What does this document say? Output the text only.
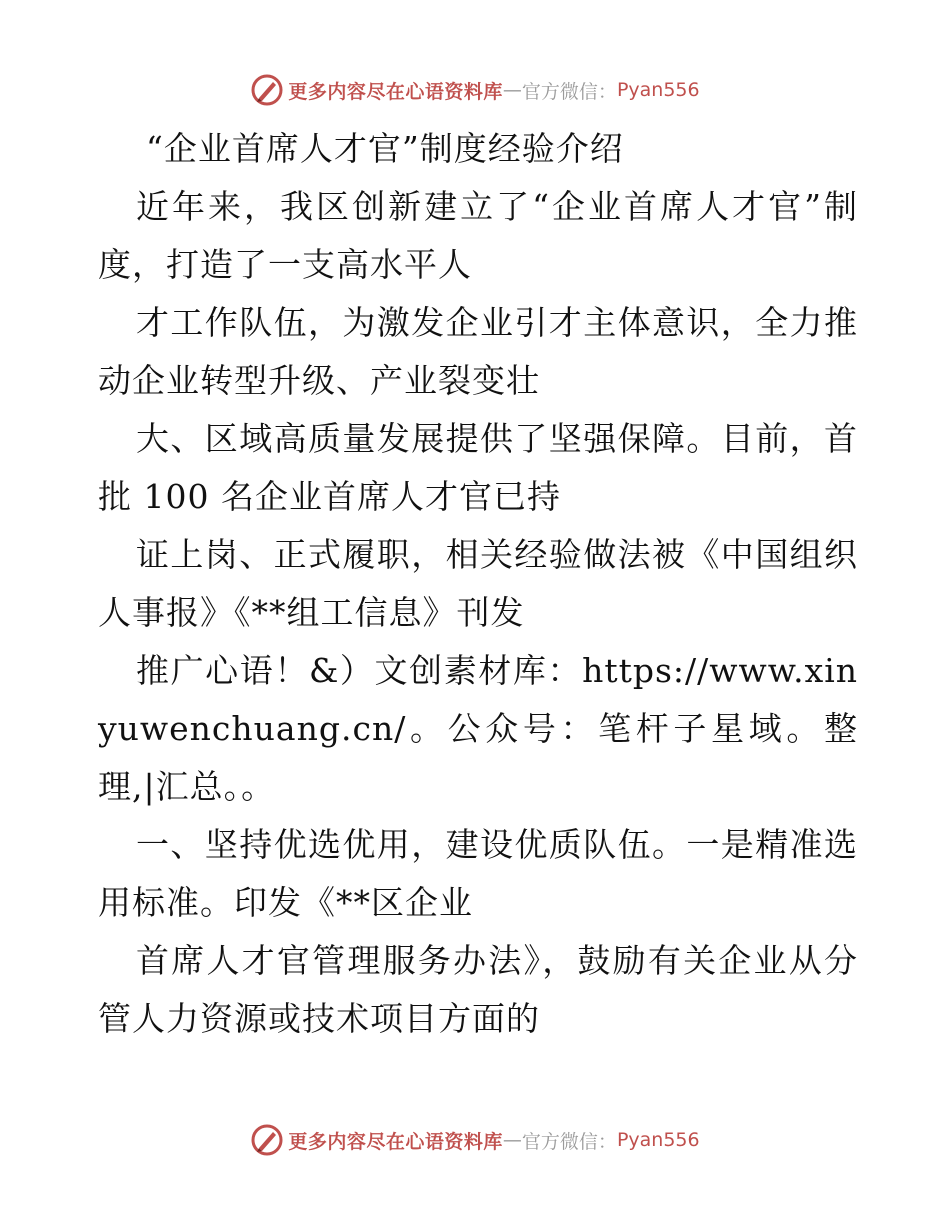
更多内容尽在心语资料库 — 官方微信： Pyan556

“企业首席人才官”制度经验介绍

近年来，我区创新建立了“企业首席人才官”制度，打造了一支高水平人

才工作队伍，为激发企业引才主体意识，全力推动企业转型升级、产业裂变壮

大、区域高质量发展提供了坚强保障。目前，首批 100 名企业首席人才官已持

证上岗、正式履职，相关经验做法被《中国组织人事报》《**组工信息》刊发

推广心语！&）文创素材库：https://www.xinyuwenchuang.cn/。公众号：笔杆子星域。整理,|汇总。。

一、坚持优选优用，建设优质队伍。一是精准选用标准。印发《**区企业

首席人才官管理服务办法》，鼓励有关企业从分管人力资源或技术项目方面的

更多内容尽在心语资料库 — 官方微信： Pyan556
